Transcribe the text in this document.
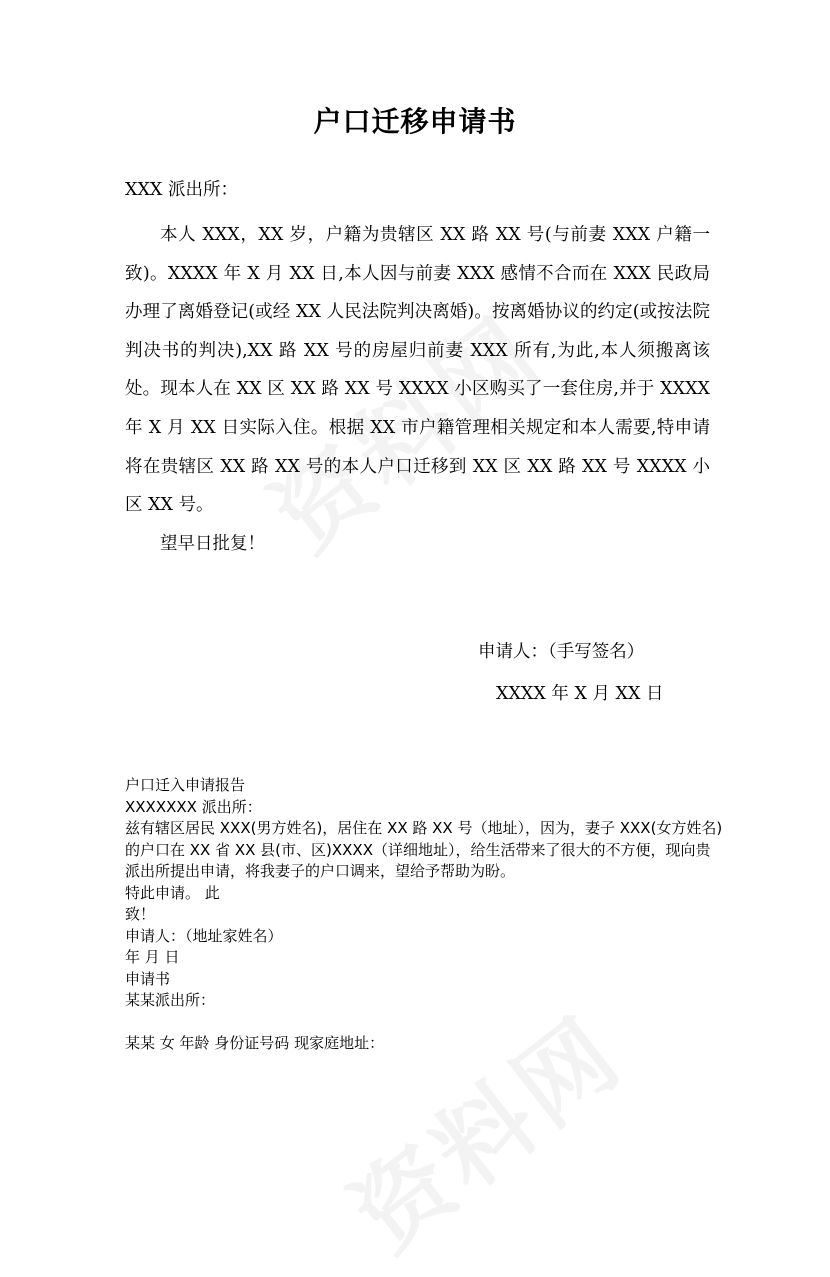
户口迁移申请书
XXX 派出所：

本人 XXX，XX 岁，户籍为贵辖区 XX 路 XX 号(与前妻 XXX 户籍一致)。XXXX 年 X 月 XX 日,本人因与前妻 XXX 感情不合而在 XXX 民政局办理了离婚登记(或经 XX 人民法院判决离婚)。按离婚协议的约定(或按法院判决书的判决),XX 路 XX 号的房屋归前妻 XXX 所有,为此,本人须搬离该处。现本人在 XX 区 XX 路 XX 号 XXXX 小区购买了一套住房,并于 XXXX 年 X 月 XX 日实际入住。根据 XX 市户籍管理相关规定和本人需要,特申请将在贵辖区 XX 路 XX 号的本人户口迁移到 XX 区 XX 路 XX 号 XXXX 小区 XX 号。

望早日批复！

申请人：（手写签名）
XXXX 年 X 月 XX 日
户口迁入申请报告
XXXXXXX 派出所：
兹有辖区居民 XXX(男方姓名)，居住在 XX 路 XX 号（地址），因为，妻子 XXX(女方姓名)的户口在 XX 省 XX 县(市、区)XXXX（详细地址），给生活带来了很大的不方便，现向贵派出所提出申请，将我妻子的户口调来，望给予帮助为盼。
特此申请。 此
致！
申请人：（地址家姓名）
年 月 日
申请书
某某派出所：
某某 女 年龄 身份证号码 现家庭地址：
